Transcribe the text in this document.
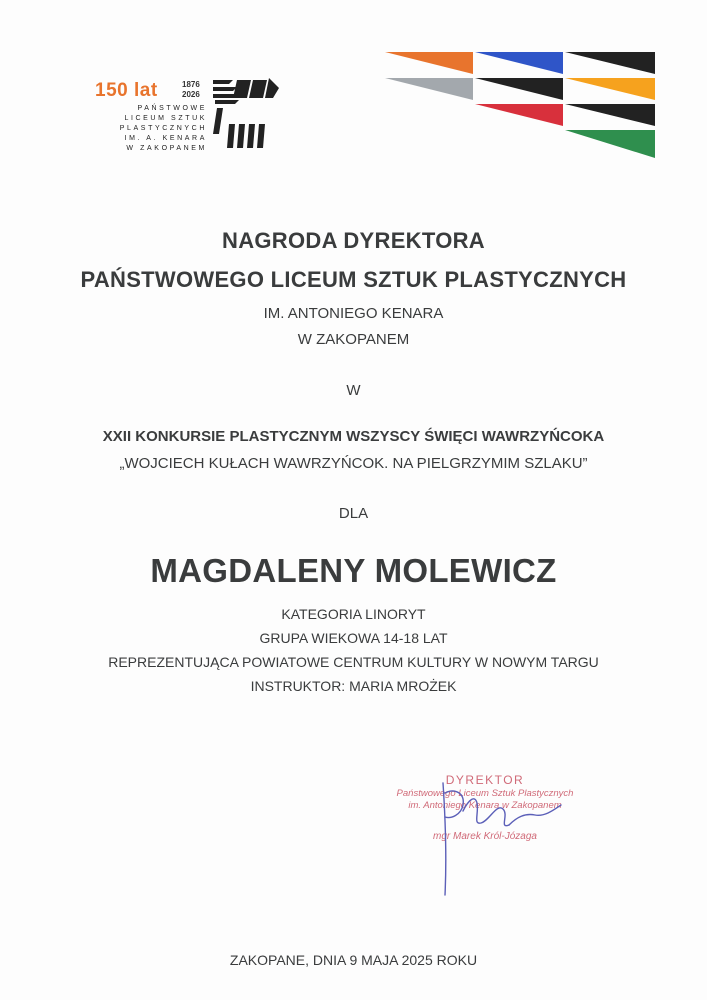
150 lat	1876
2026
PAŃSTWOWE
LICEUM SZTUK
PLASTYCZNYCH
IM. A. KENARA
W ZAKOPANEM
NAGRODA DYREKTORA
PAŃSTWOWEGO LICEUM SZTUK PLASTYCZNYCH
IM. ANTONIEGO KENARA
W ZAKOPANEM
W
XXII KONKURSIE PLASTYCZNYM WSZYSCY ŚWIĘCI WAWRZYŃCOKA
„WOJCIECH KUŁACH WAWRZYŃCOK. NA PIELGRZYMIM SZLAKU”
DLA
MAGDALENY MOLEWICZ
KATEGORIA LINORYT
GRUPA WIEKOWA 14-18 LAT
REPREZENTUJĄCA POWIATOWE CENTRUM KULTURY W NOWYM TARGU
INSTRUKTOR: MARIA MROŻEK
DYREKTOR
Państwowego Liceum Sztuk Plastycznych
im. Antoniego Kenara w Zakopanem
mgr Marek Król-Józaga
ZAKOPANE, DNIA 9 MAJA 2025 ROKU
